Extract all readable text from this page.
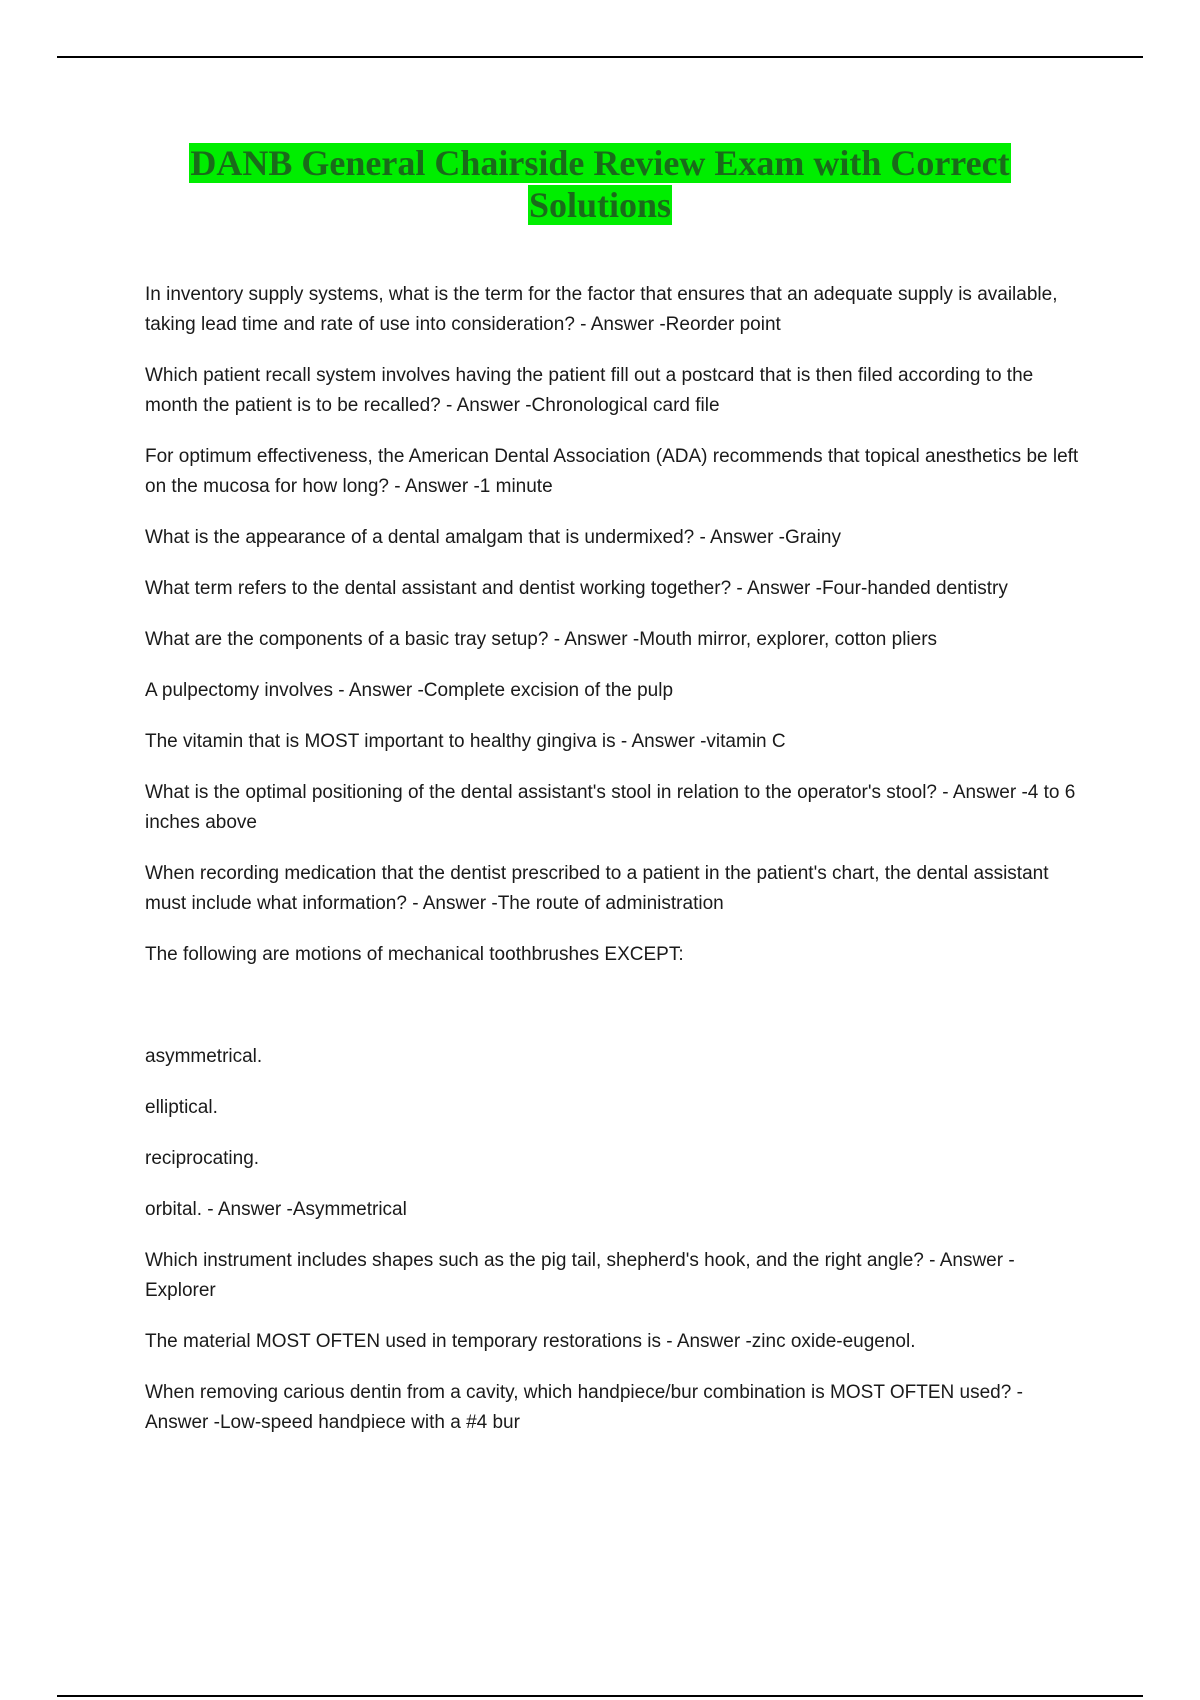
DANB General Chairside Review Exam with Correct
Solutions

In inventory supply systems, what is the term for the factor that ensures that an adequate supply is available, taking lead time and rate of use into consideration? - Answer -Reorder point

Which patient recall system involves having the patient fill out a postcard that is then filed according to the month the patient is to be recalled? - Answer -Chronological card file

For optimum effectiveness, the American Dental Association (ADA) recommends that topical anesthetics be left on the mucosa for how long? - Answer -1 minute

What is the appearance of a dental amalgam that is undermixed? - Answer -Grainy

What term refers to the dental assistant and dentist working together? - Answer -Four-handed dentistry

What are the components of a basic tray setup? - Answer -Mouth mirror, explorer, cotton pliers

A pulpectomy involves - Answer -Complete excision of the pulp

The vitamin that is MOST important to healthy gingiva is - Answer -vitamin C

What is the optimal positioning of the dental assistant's stool in relation to the operator's stool? - Answer -4 to 6 inches above

When recording medication that the dentist prescribed to a patient in the patient's chart, the dental assistant must include what information? - Answer -The route of administration

The following are motions of mechanical toothbrushes EXCEPT:

asymmetrical.

elliptical.

reciprocating.

orbital. - Answer -Asymmetrical

Which instrument includes shapes such as the pig tail, shepherd's hook, and the right angle? - Answer - Explorer

The material MOST OFTEN used in temporary restorations is - Answer -zinc oxide-eugenol.

When removing carious dentin from a cavity, which handpiece/bur combination is MOST OFTEN used? - Answer -Low-speed handpiece with a #4 bur
